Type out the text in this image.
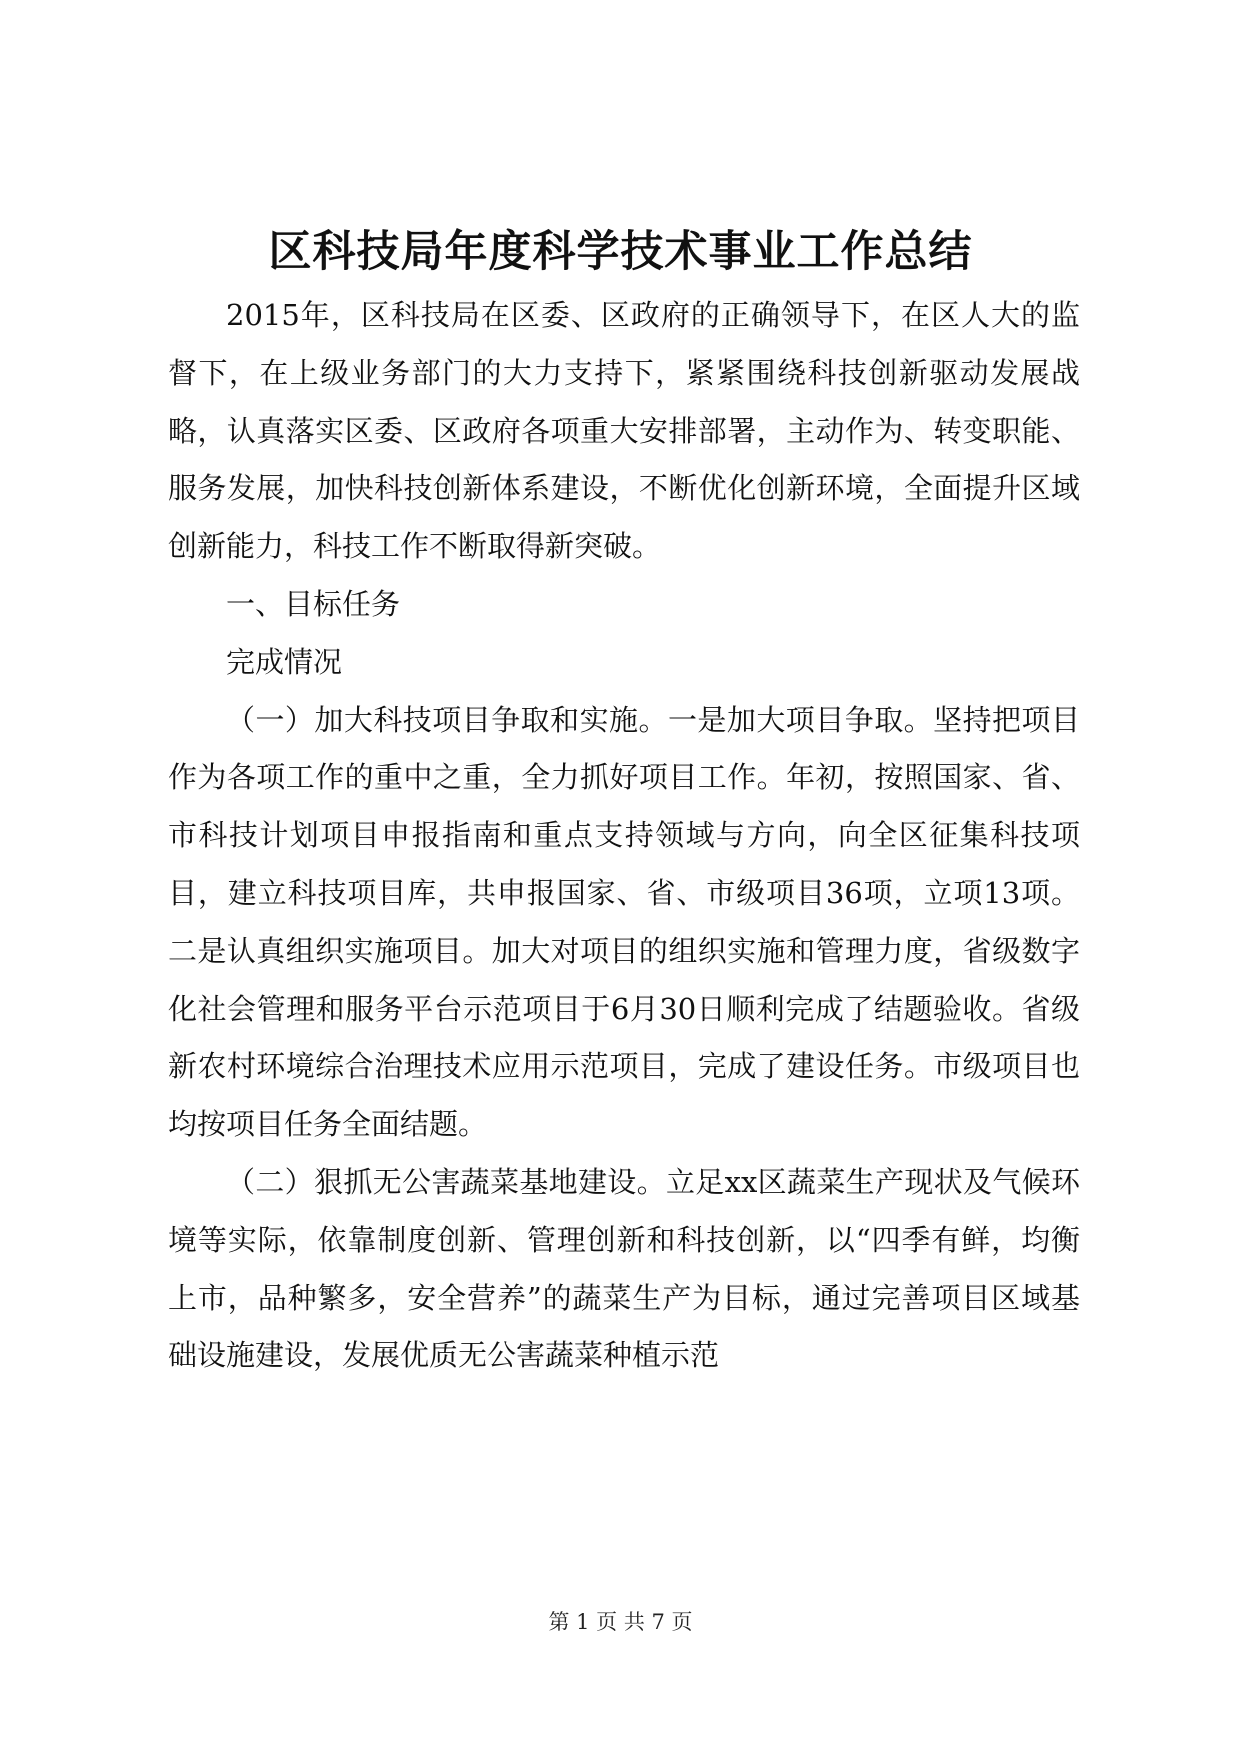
区科技局年度科学技术事业工作总结

2015年，区科技局在区委、区政府的正确领导下，在区人大的监督下，在上级业务部门的大力支持下，紧紧围绕科技创新驱动发展战略，认真落实区委、区政府各项重大安排部署，主动作为、转变职能、服务发展，加快科技创新体系建设，不断优化创新环境，全面提升区域创新能力，科技工作不断取得新突破。

一、目标任务

完成情况

（一）加大科技项目争取和实施。一是加大项目争取。坚持把项目作为各项工作的重中之重，全力抓好项目工作。年初，按照国家、省、市科技计划项目申报指南和重点支持领域与方向，向全区征集科技项目，建立科技项目库，共申报国家、省、市级项目36项，立项13项。二是认真组织实施项目。加大对项目的组织实施和管理力度，省级数字化社会管理和服务平台示范项目于6月30日顺利完成了结题验收。省级新农村环境综合治理技术应用示范项目，完成了建设任务。市级项目也均按项目任务全面结题。

（二）狠抓无公害蔬菜基地建设。立足xx区蔬菜生产现状及气候环境等实际，依靠制度创新、管理创新和科技创新，以“四季有鲜，均衡上市，品种繁多，安全营养”的蔬菜生产为目标，通过完善项目区域基础设施建设，发展优质无公害蔬菜种植示范

第 1 页 共 7 页
